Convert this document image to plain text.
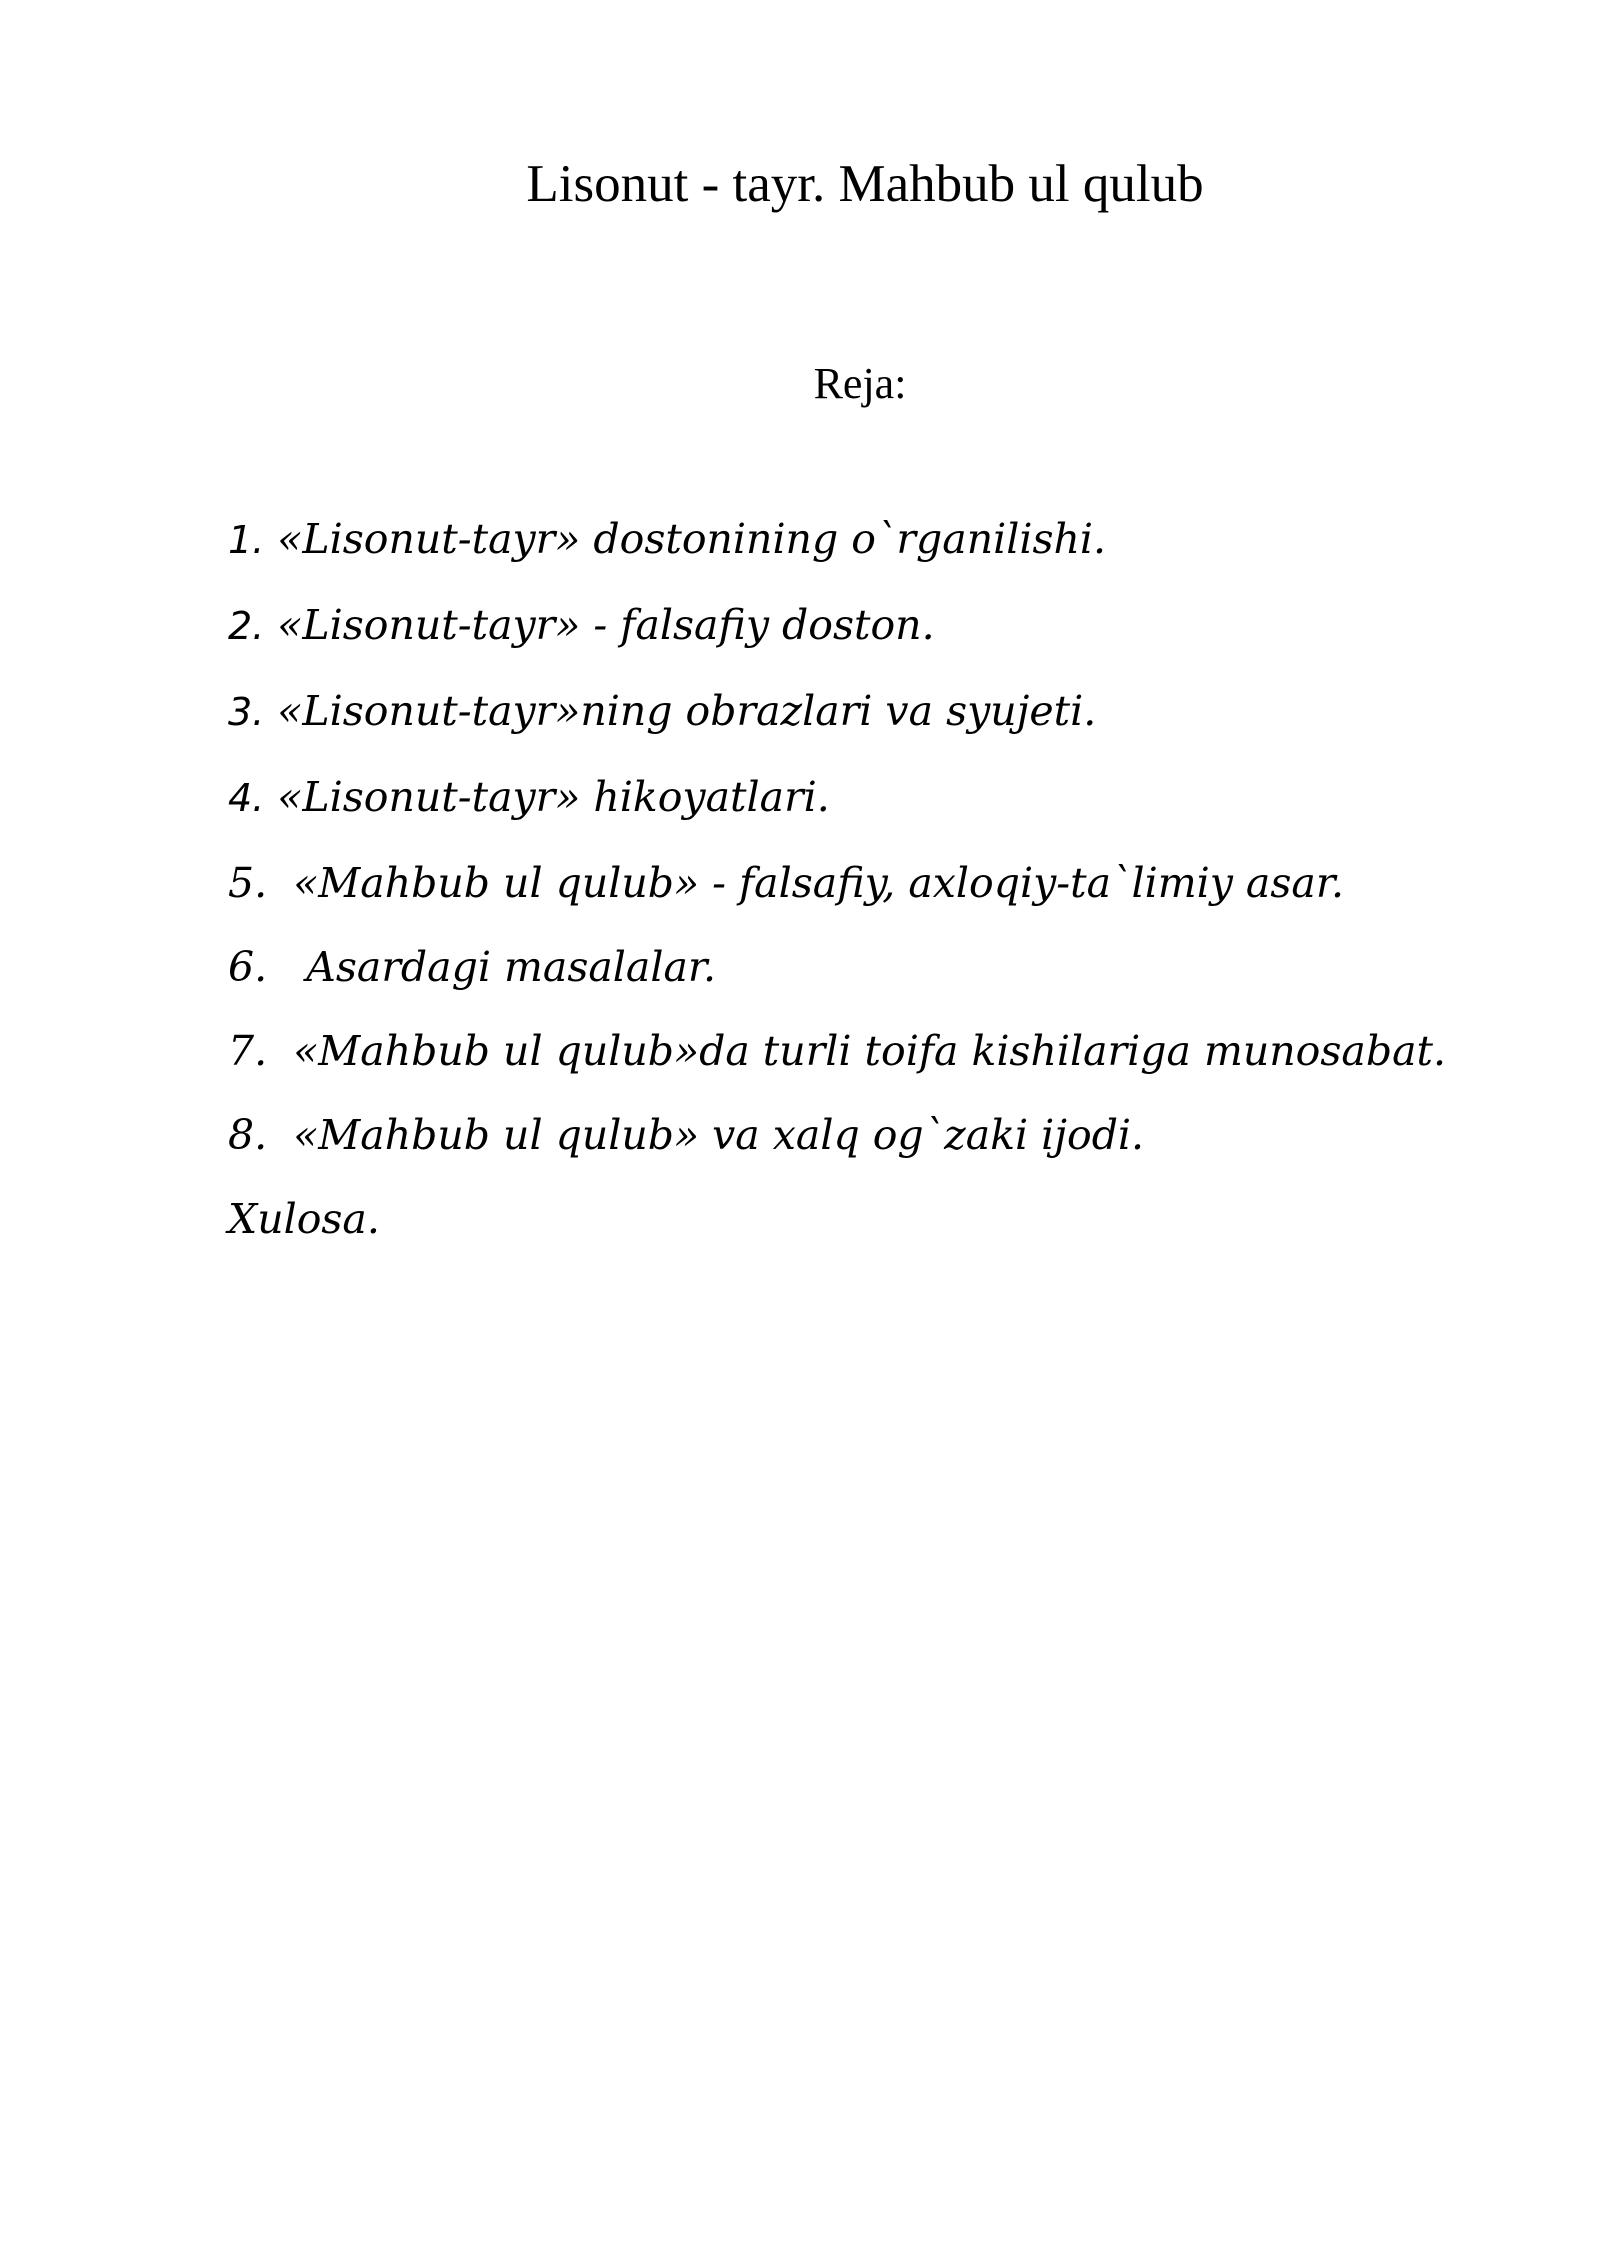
Lisonut - tayr. Mahbub ul qulub
Reja:
1. «Lisonut-tayr» dostonining o`rganilishi.
2. «Lisonut-tayr» - falsafiy doston.
3. «Lisonut-tayr»ning obrazlari va syujeti.
4. «Lisonut-tayr» hikoyatlari.
5.  «Mahbub ul qulub» - falsafiy, axloqiy-ta`limiy asar.
6.   Asardagi masalalar.
7.  «Mahbub ul qulub»da turli toifa kishilariga munosabat.
8.  «Mahbub ul qulub» va xalq og`zaki ijodi.
Xulosa.
